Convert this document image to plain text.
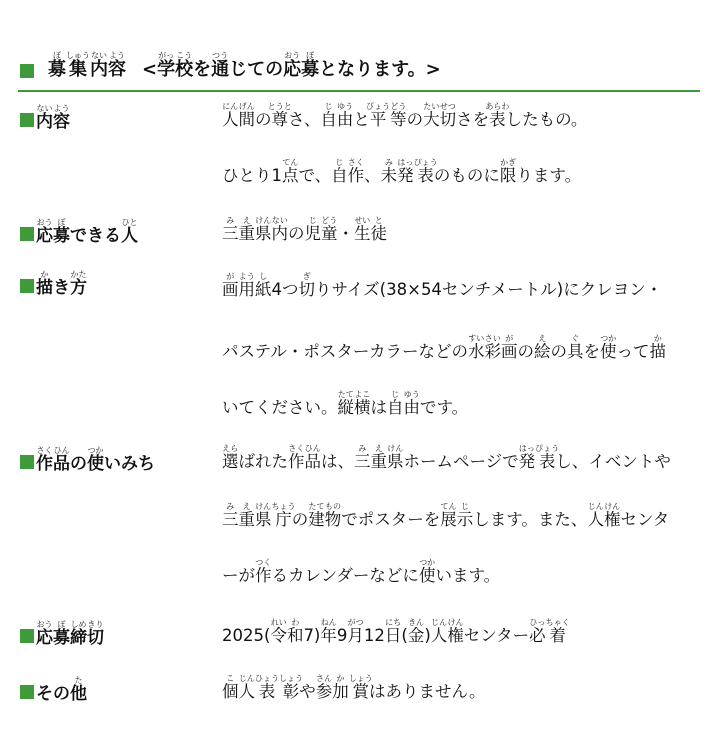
募ぼ集しゅう内ない容よう
<学がっ校こうを通つうじての応おう募ぼとなります。>
内ない容よう
人にん間げんの尊とうとさ、自じ由ゆうと平びょう等どうの大たい切せつさを表あらわしたもの。
ひとり1点てんで、自じ作さく、未み発はっ表ぴょうのものに限かぎります。
応おう募ぼできる人ひと
三み重え県けん内ないの児じ童どう・生せい徒と
描かき方かた
画が用よう紙し4つ切ぎりサイズ(38×54センチメートル)にクレヨン・
パステル・ポスターカラーなどの水すい彩さい画がの絵えの具ぐを使つかって描か
いてください。縦たて横よこは自じ由ゆうです。
作さく品ひんの使つかいみち	選えらばれた作さく品ひんは、三み重え県けんホームページで発はっ表ぴょうし、イベントや
三み重え県けん庁ちょうの建たて物ものでポスターを展てん示じします。また、人じん権けんセンタ
ーが作つくるカレンダーなどに使つかいます。
応おう募ぼ締しめ切きり
2025(令れい和わ7)年ねん9月がつ12日にち(金きん)人じん権けんセンター必ひっ着ちゃく
その他た
個こ人じん表ひょう彰しょうや参さん加か賞しょうはありません。
